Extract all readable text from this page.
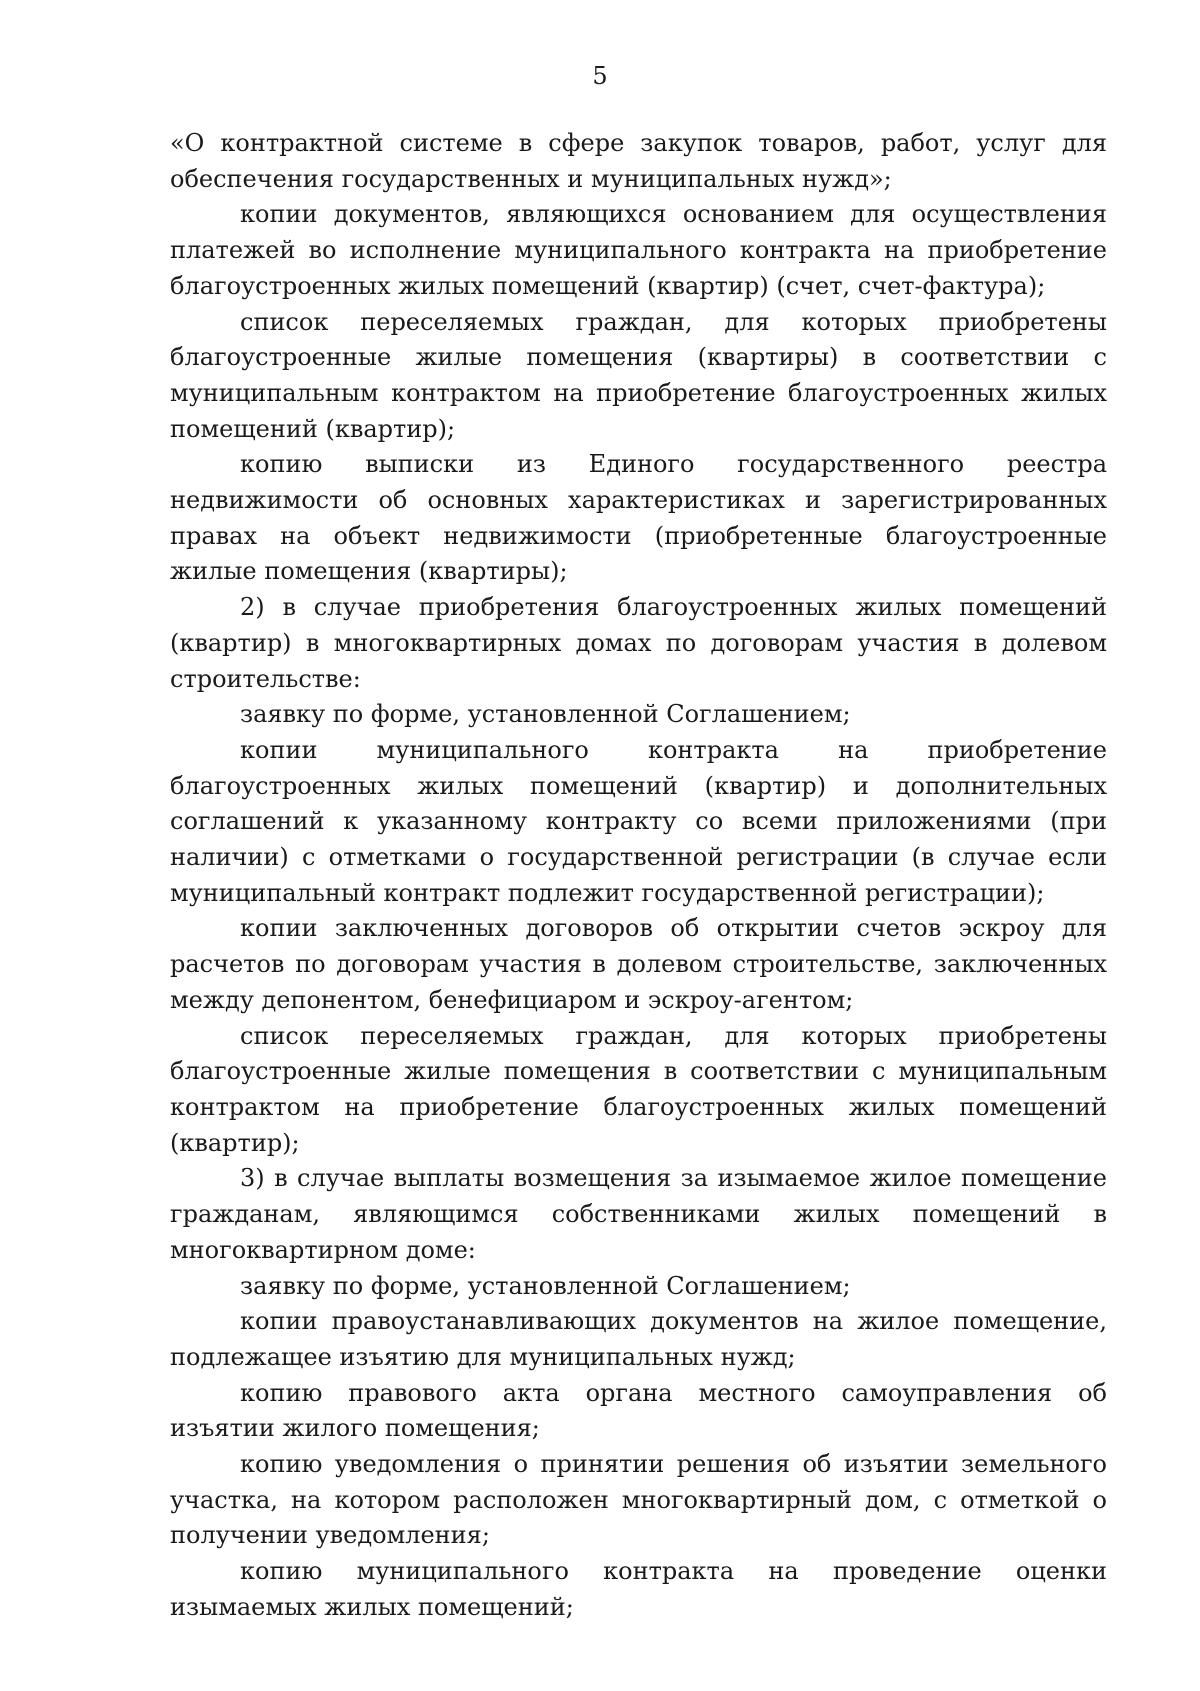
5

«О контрактной системе в сфере закупок товаров, работ, услуг для обеспечения государственных и муниципальных нужд»;

копии документов, являющихся основанием для осуществления платежей во исполнение муниципального контракта на приобретение благоустроенных жилых помещений (квартир) (счет, счет-фактура);

список переселяемых граждан, для которых приобретены благоустроенные жилые помещения (квартиры) в соответствии с муниципальным контрактом на приобретение благоустроенных жилых помещений (квартир);

копию выписки из Единого государственного реестра недвижимости об основных характеристиках и зарегистрированных правах на объект недвижимости (приобретенные благоустроенные жилые помещения (квартиры);

2) в случае приобретения благоустроенных жилых помещений (квартир) в многоквартирных домах по договорам участия в долевом строительстве:

заявку по форме, установленной Соглашением;

копии муниципального контракта на приобретение благоустроенных жилых помещений (квартир) и дополнительных соглашений к указанному контракту со всеми приложениями (при наличии) с отметками о государственной регистрации (в случае если муниципальный контракт подлежит государственной регистрации);

копии заключенных договоров об открытии счетов эскроу для расчетов по договорам участия в долевом строительстве, заключенных между депонентом, бенефициаром и эскроу-агентом;

список переселяемых граждан, для которых приобретены благоустроенные жилые помещения в соответствии с муниципальным контрактом на приобретение благоустроенных жилых помещений (квартир);

3) в случае выплаты возмещения за изымаемое жилое помещение гражданам, являющимся собственниками жилых помещений в многоквартирном доме:

заявку по форме, установленной Соглашением;

копии правоустанавливающих документов на жилое помещение, подлежащее изъятию для муниципальных нужд;

копию правового акта органа местного самоуправления об изъятии жилого помещения;

копию уведомления о принятии решения об изъятии земельного участка, на котором расположен многоквартирный дом, с отметкой о получении уведомления;

копию муниципального контракта на проведение оценки изымаемых жилых помещений;
